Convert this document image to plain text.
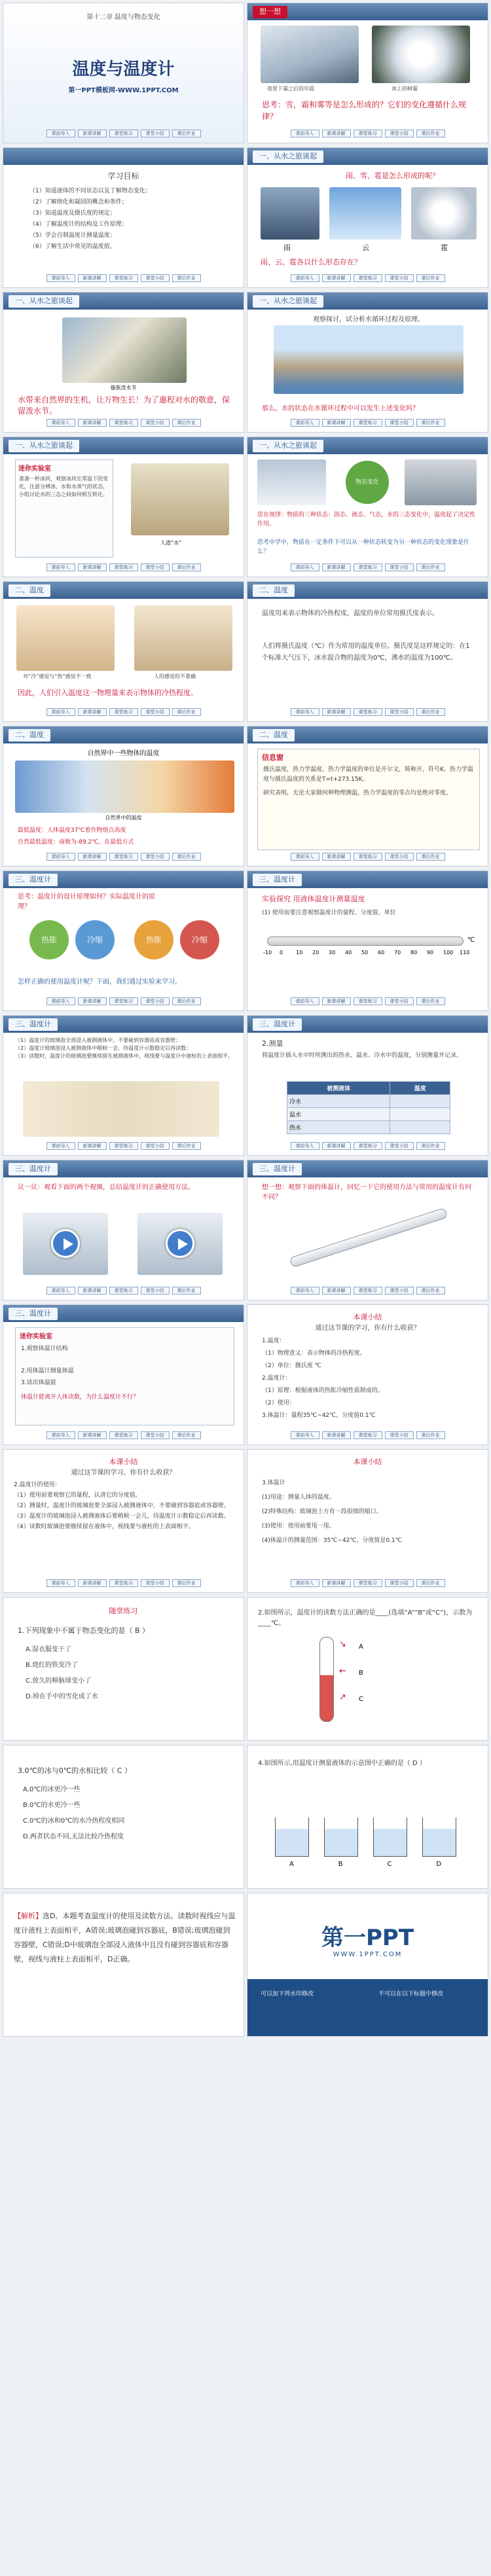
第十二章 温度与物态变化
温度与温度计
第一PPT模板网-WWW.1PPT.COM
课前导入	新课讲解	课堂练习	课堂小结	课后作业
想一想
夜里下霜之后的早晨	冰上的树霜
思考：雪，霜和雾等是怎么形成的？它们的变化遵循什么规律？
课前导入	新课讲解	课堂练习	课堂小结	课后作业
学习目标
（1）知道液体的不同状态以及丁解物态变化；
（2）了解熔化和凝固的概念和条件；
（3）知道温度及摄氏度的规定；
（4）了解温度计的结构及工作原理；
（5）学会自制温度计测量温度；
（6）了解生活中常见的温度值。
课前导入	新课讲解	课堂练习	课堂小结	课后作业
一、从水之旅谈起
雨、雪、雹是怎么形成的呢？
雨	云	雹
雨、云、雹各以什么形态存在？
课前导入	新课讲解	课堂练习	课堂小结	课后作业
一、从水之旅谈起
傣族泼水节
水带来自然界的生机，让万物生长！为了惠程对水的敬意，保留泼水节。
课前导入	新课讲解	课堂练习	课堂小结	课后作业
一、从水之旅谈起
观察探讨，试分析水循环过程及原理。
那么，水的状态在水循环过程中可以发生上述变化吗？
课前导入	新课讲解	课堂练习	课堂小结	课后作业
一、从水之旅谈起
迷你实验室
准备一杯冰块，观察冰块在常温下的变化，注意分辨冰、水和水蒸气的状态，小组讨论水的三态之间如何相互转化。
人道“水”
课前导入	新课讲解	课堂练习	课堂小结	课后作业
一、从水之旅谈起
物态变化
思在规律：物质的三种状态：固态、液态、气态，水的三态变化中，温度起了决定性作用。
思考中学中，物质在一定条件下可以从一种状态转变为另一种状态的变化现象是什么？
课前导入	新课讲解	课堂练习	课堂小结	课后作业
二、温度
对“冷”感觉与“热”感觉不一致	人的感觉的不准确
因此，人们引入温度这一物理量来表示物体的冷热程度。
课前导入	新课讲解	课堂练习	课堂小结	课后作业
二、温度
温度用来表示物体的冷热程度，温度的单位常用摄氏度表示。
人们将摄氏温度（℃）作为常用的温度单位。摄氏度是这样规定的：在1个标准大气压下，冰水混合物的温度为0℃，沸水的温度为100℃。
课前导入	新课讲解	课堂练习	课堂小结	课后作业
二、温度
自然界中一些物体的温度
自然界中的温度
最低温度：人体温度37℃着作物熔点高度
自然最低温度：南极为-89.2℃，在最低方式
课前导入	新课讲解	课堂练习	课堂小结	课后作业
二、温度
信息窗
摄氏温度，热力学温度。热力学温度的单位是开尔文，简称开，符号K。热力学温度与摄氏温度的关系是T=t+273.15K。
研究表明，无论大家做何种物理测温，热力学温度的零点均是绝对零度。
课前导入	新课讲解	课堂练习	课堂小结	课后作业
三、温度计
思考：温度计的设计原理如何？实际温度计的原理？
热胀	冷缩	热胀	冷缩
怎样正确的使用温度计呢？下面，我们通过实验来学习。
课前导入	新课讲解	课堂练习	课堂小结	课后作业
三、温度计
实验探究 用液体温度计测量温度
(1) 使用前要注意观察温度计的量程、分度值、单位
-10 0 10 20 30 40 50 60 70 80 90 100 110
℃
课前导入	新课讲解	课堂练习	课堂小结	课后作业
三、温度计
（1）温度计的玻璃泡全部浸入被测液体中，不要碰到容器底或容器壁；
（2）温度计玻璃泡浸入被测液体中稍候一会，待温度计示数稳定后再读数；
（3）读数时，温度计的玻璃泡要继续留在被测液体中，视线要与温度计中液柱的上表面相平。
课前导入	新课讲解	课堂练习	课堂小结	课后作业
三、温度计
2.测量
将温度计插入水中时所测出的热水、温水、冷水中的温度，分别测量并记录。
被测液体	温度
冷水	
温水	
热水	
课前导入	新课讲解	课堂练习	课堂小结	课后作业
三、温度计
议一议：观看下面的两个视频，总结温度计的正确使用方法。
课前导入	新课讲解	课堂练习	课堂小结	课后作业
三、温度计
想一想：观察下面的体温计，回忆一下它的使用方法与常用的温度计有何不同？
课前导入	新课讲解	课堂练习	课堂小结	课后作业
三、温度计
迷你实验室
1.观察体温计结构
2.用体温计测量体温
3.读出体温值
体温计能离开人体读数，为什么温度计不行？
课前导入	新课讲解	课堂练习	课堂小结	课后作业
本课小结
通过这节课的学习，你有什么收获？
1.温度：
（1）物理意义：表示物体的冷热程度。
（2）单位：摄氏度 ℃
2.温度计：
（1）原理：根据液体的热胀冷缩性质制成的。
（2）使用：
3.体温计：量程35℃~42℃，分度值0.1℃
课前导入	新课讲解	课堂练习	课堂小结	课后作业
本课小结
通过这节课的学习，你有什么收获？
2.温度计的使用：
（1）使用前要观察它的量程，认清它的分度值。
（2）测量时，温度计的玻璃泡要全部浸入被测液体中，不要碰到容器底或容器壁。
（3）温度计的玻璃泡浸入被测液体后要稍候一会儿，待温度计示数稳定后再读数。
（4）读数时玻璃泡要继续留在液体中，视线要与液柱的上表面相平。
课前导入	新课讲解	课堂练习	课堂小结	课后作业
本课小结
3.体温计
(1)用途：测量人体的温度。
(2)特殊结构：玻璃泡上方有一段很细的缩口。
(3)使用：使用前要甩一甩。
(4)体温计的测量范围：35℃~42℃，分度值是0.1℃
课前导入	新课讲解	课堂练习	课堂小结	课后作业
随堂练习
1.下列现象中不属于物态变化的是（ B ）
A.湿衣服变干了
B.烧红的铁变冷了
C.放久的樟脑球变小了
D.掉在手中的雪化成了水
2.如图所示，温度计的读数方法正确的是____(选填“A”“B”或“C”)，示数为____℃。
A
B
C
↘
←
↗
3.0℃的冰与0℃的水相比较（ C ）
A.0℃的冰更冷一些
B.0℃的水更冷一些
C.0℃的冰和0℃的水冷热程度相同
D.两者状态不同,无法比较冷热程度
4.如图所示,用温度计测量液体的示意图中正确的是（ D ）
A	B	C	D
【解析】选D。本题考查温度计的使用及读数方法。读数时视线应与温度计液柱上表面相平，A错误;玻璃泡碰到容器底，B错误;玻璃泡碰到容器壁，C错误;D中玻璃泡全部浸入液体中且没有碰到容器底和容器壁，视线与液柱上表面相平，D正确。
第一PPT
WWW.1PPT.COM
可以加下列水印修改	不可以在以下标题中修改
